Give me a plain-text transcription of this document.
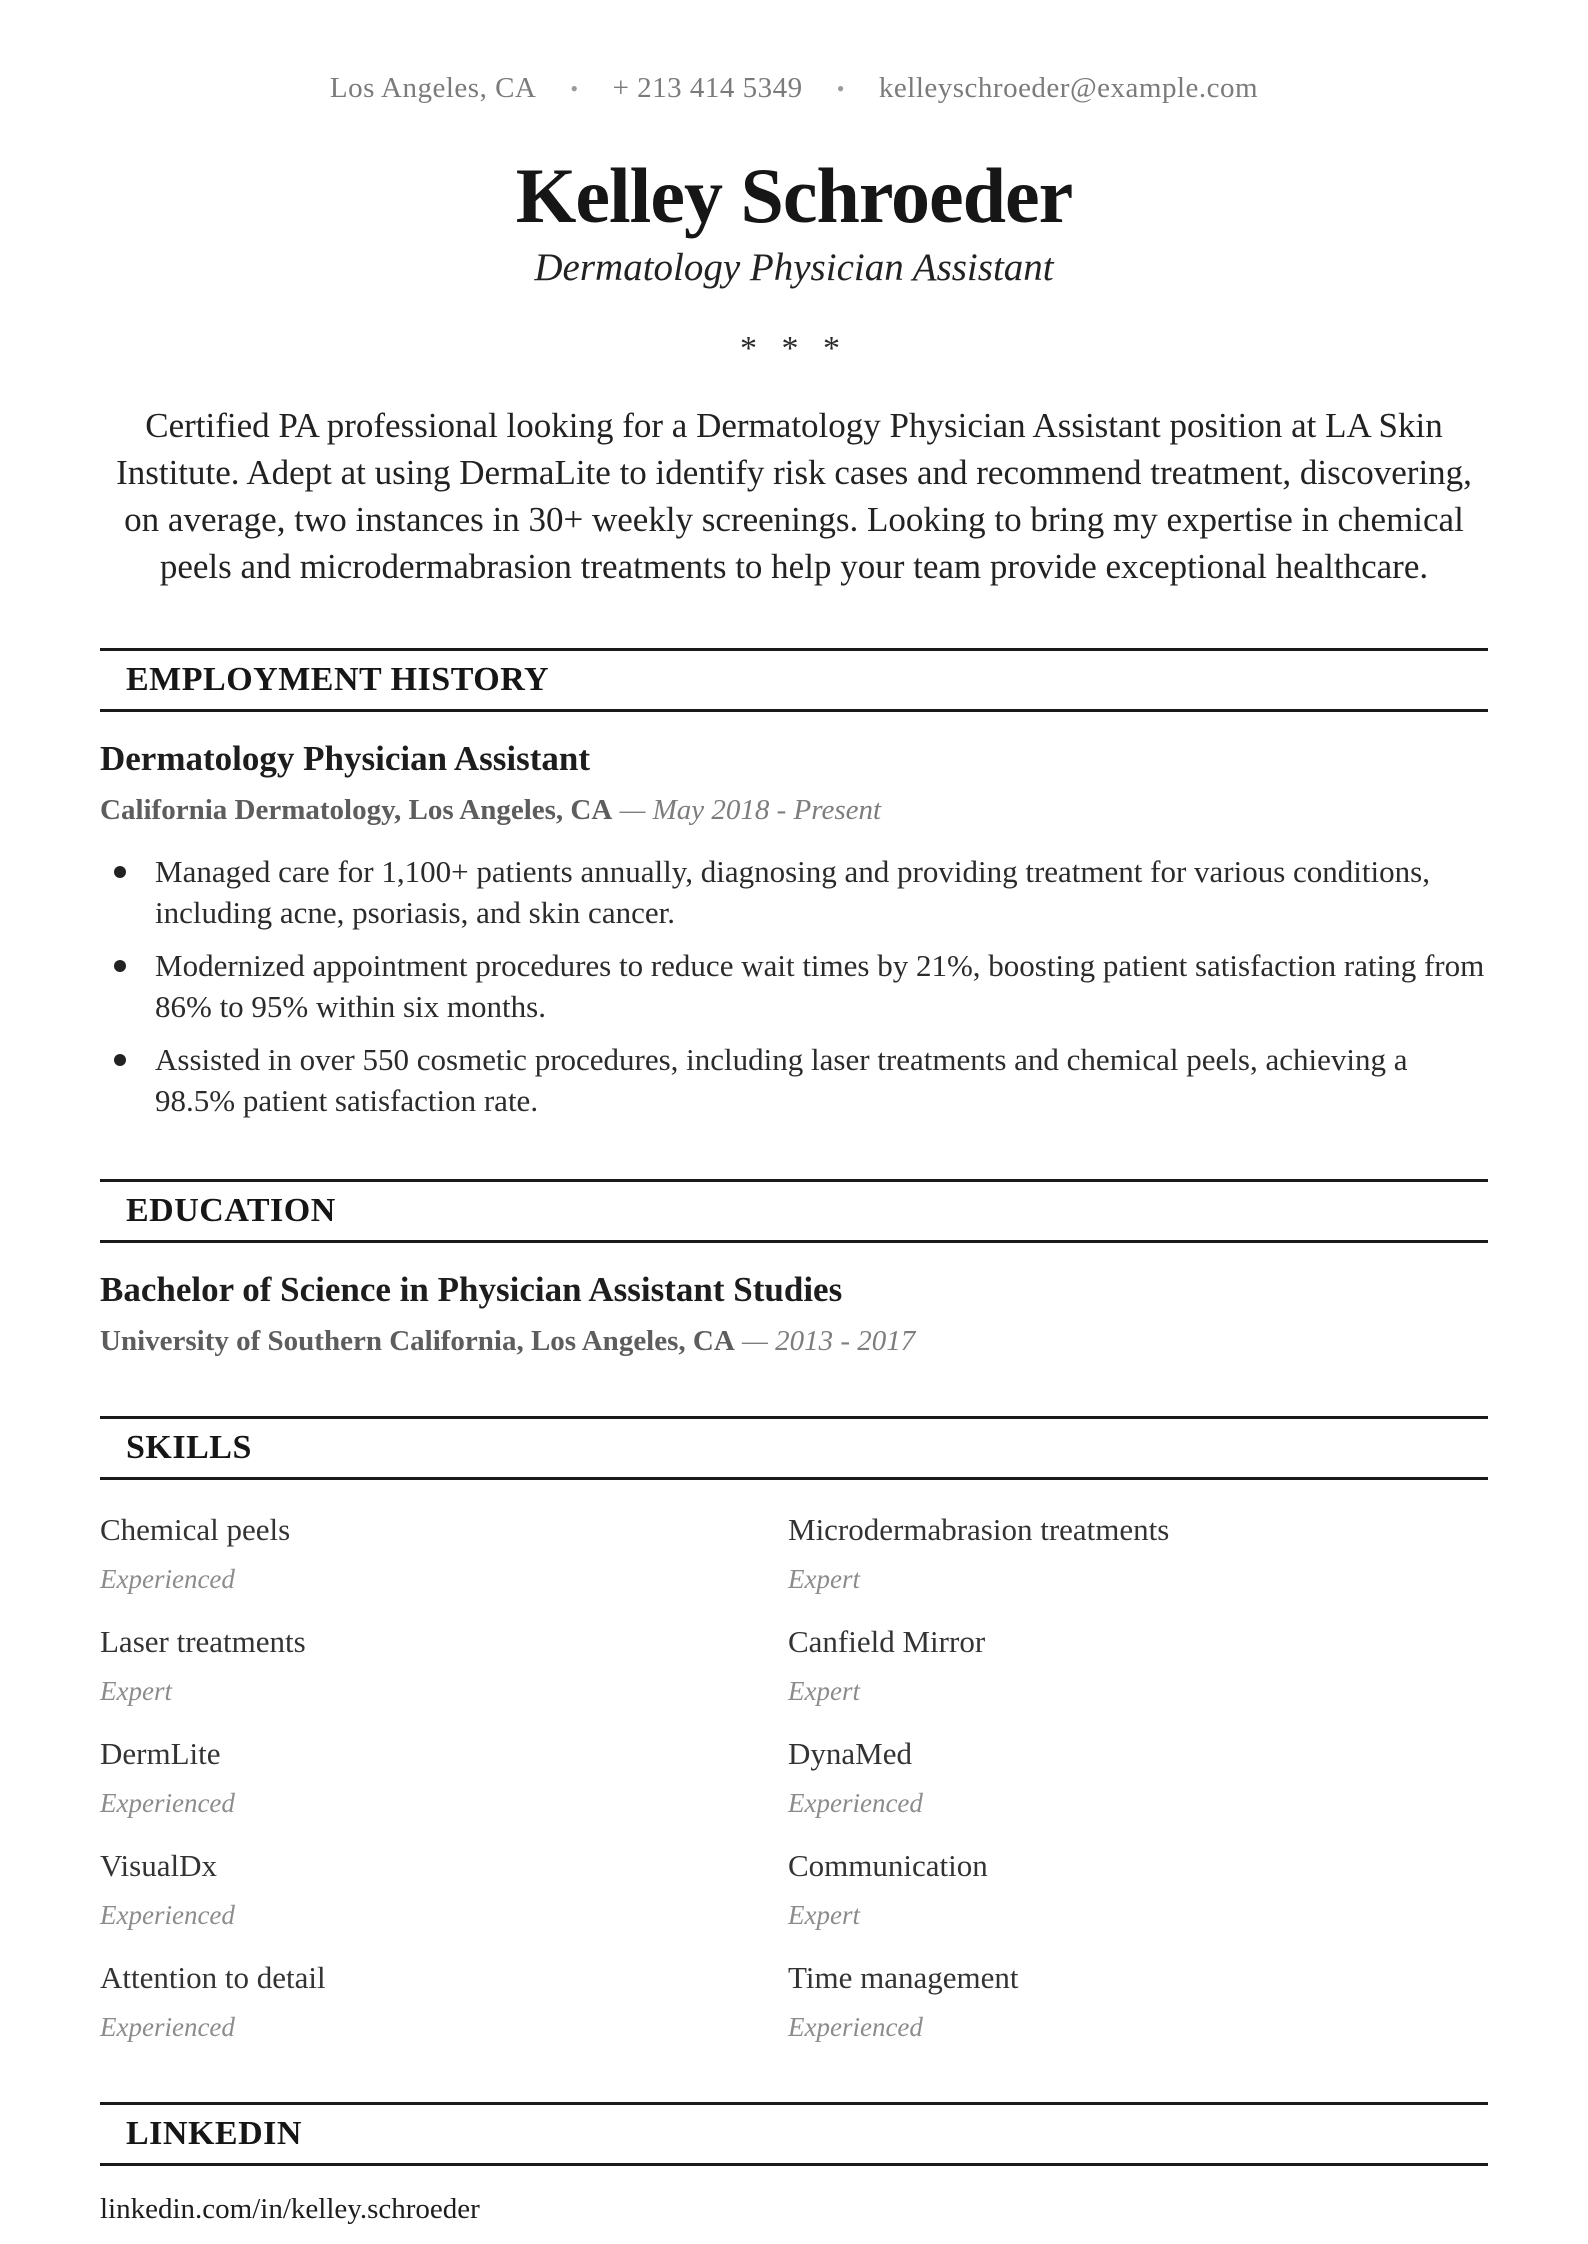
Los Angeles, CA • + 213 414 5349 • kelleyschroeder@example.com
Kelley Schroeder
Dermatology Physician Assistant
* * *

Certified PA professional looking for a Dermatology Physician Assistant position at LA Skin Institute. Adept at using DermaLite to identify risk cases and recommend treatment, discovering, on average, two instances in 30+ weekly screenings. Looking to bring my expertise in chemical peels and microdermabrasion treatments to help your team provide exceptional healthcare.

EMPLOYMENT HISTORY
Dermatology Physician Assistant
California Dermatology, Los Angeles, CA — May 2018 - Present
Managed care for 1,100+ patients annually, diagnosing and providing treatment for various conditions, including acne, psoriasis, and skin cancer.
Modernized appointment procedures to reduce wait times by 21%, boosting patient satisfaction rating from 86% to 95% within six months.
Assisted in over 550 cosmetic procedures, including laser treatments and chemical peels, achieving a 98.5% patient satisfaction rate.
EDUCATION
Bachelor of Science in Physician Assistant Studies
University of Southern California, Los Angeles, CA — 2013 - 2017
SKILLS
Chemical peels
Experienced
Microdermabrasion treatments
Expert
Laser treatments
Expert
Canfield Mirror
Expert
DermLite
Experienced
DynaMed
Experienced
VisualDx
Experienced
Communication
Expert
Attention to detail
Experienced
Time management
Experienced
LINKEDIN
linkedin.com/in/kelley.schroeder
